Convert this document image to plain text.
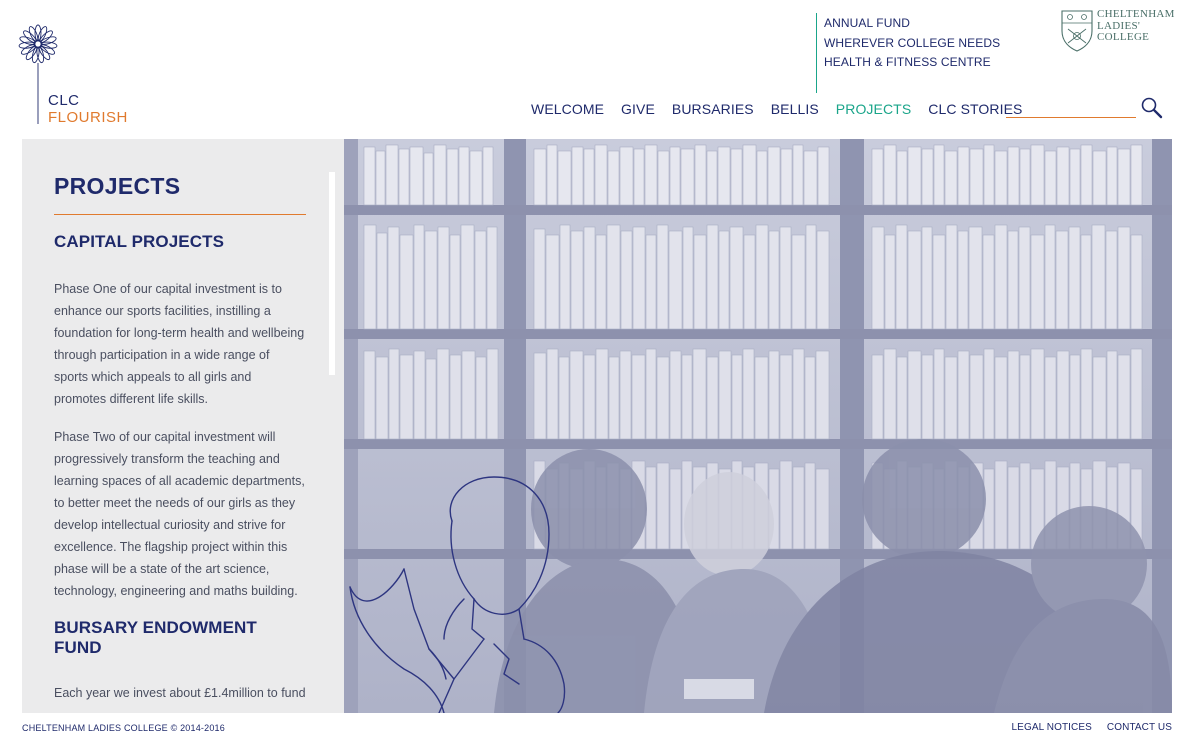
CLC
FLOURISH
ANNUAL FUND
WHEREVER COLLEGE NEEDS
HEALTH & FITNESS CENTRE
CHELTENHAM
LADIES'
COLLEGE
WELCOME GIVE BURSARIES BELLIS PROJECTS CLC STORIES
PROJECTS
CAPITAL PROJECTS

Phase One of our capital investment is to enhance our sports facilities, instilling a foundation for long-term health and wellbeing through participation in a wide range of sports which appeals to all girls and promotes different life skills.

Phase Two of our capital investment will progressively transform the teaching and learning spaces of all academic departments, to better meet the needs of our girls as they develop intellectual curiosity and strive for excellence. The flagship project within this phase will be a state of the art science, technology, engineering and maths building.

BURSARY ENDOWMENT FUND

Each year we invest about £1.4million to fund

CHELTENHAM LADIES COLLEGE © 2014-2016	LEGAL NOTICES CONTACT US
